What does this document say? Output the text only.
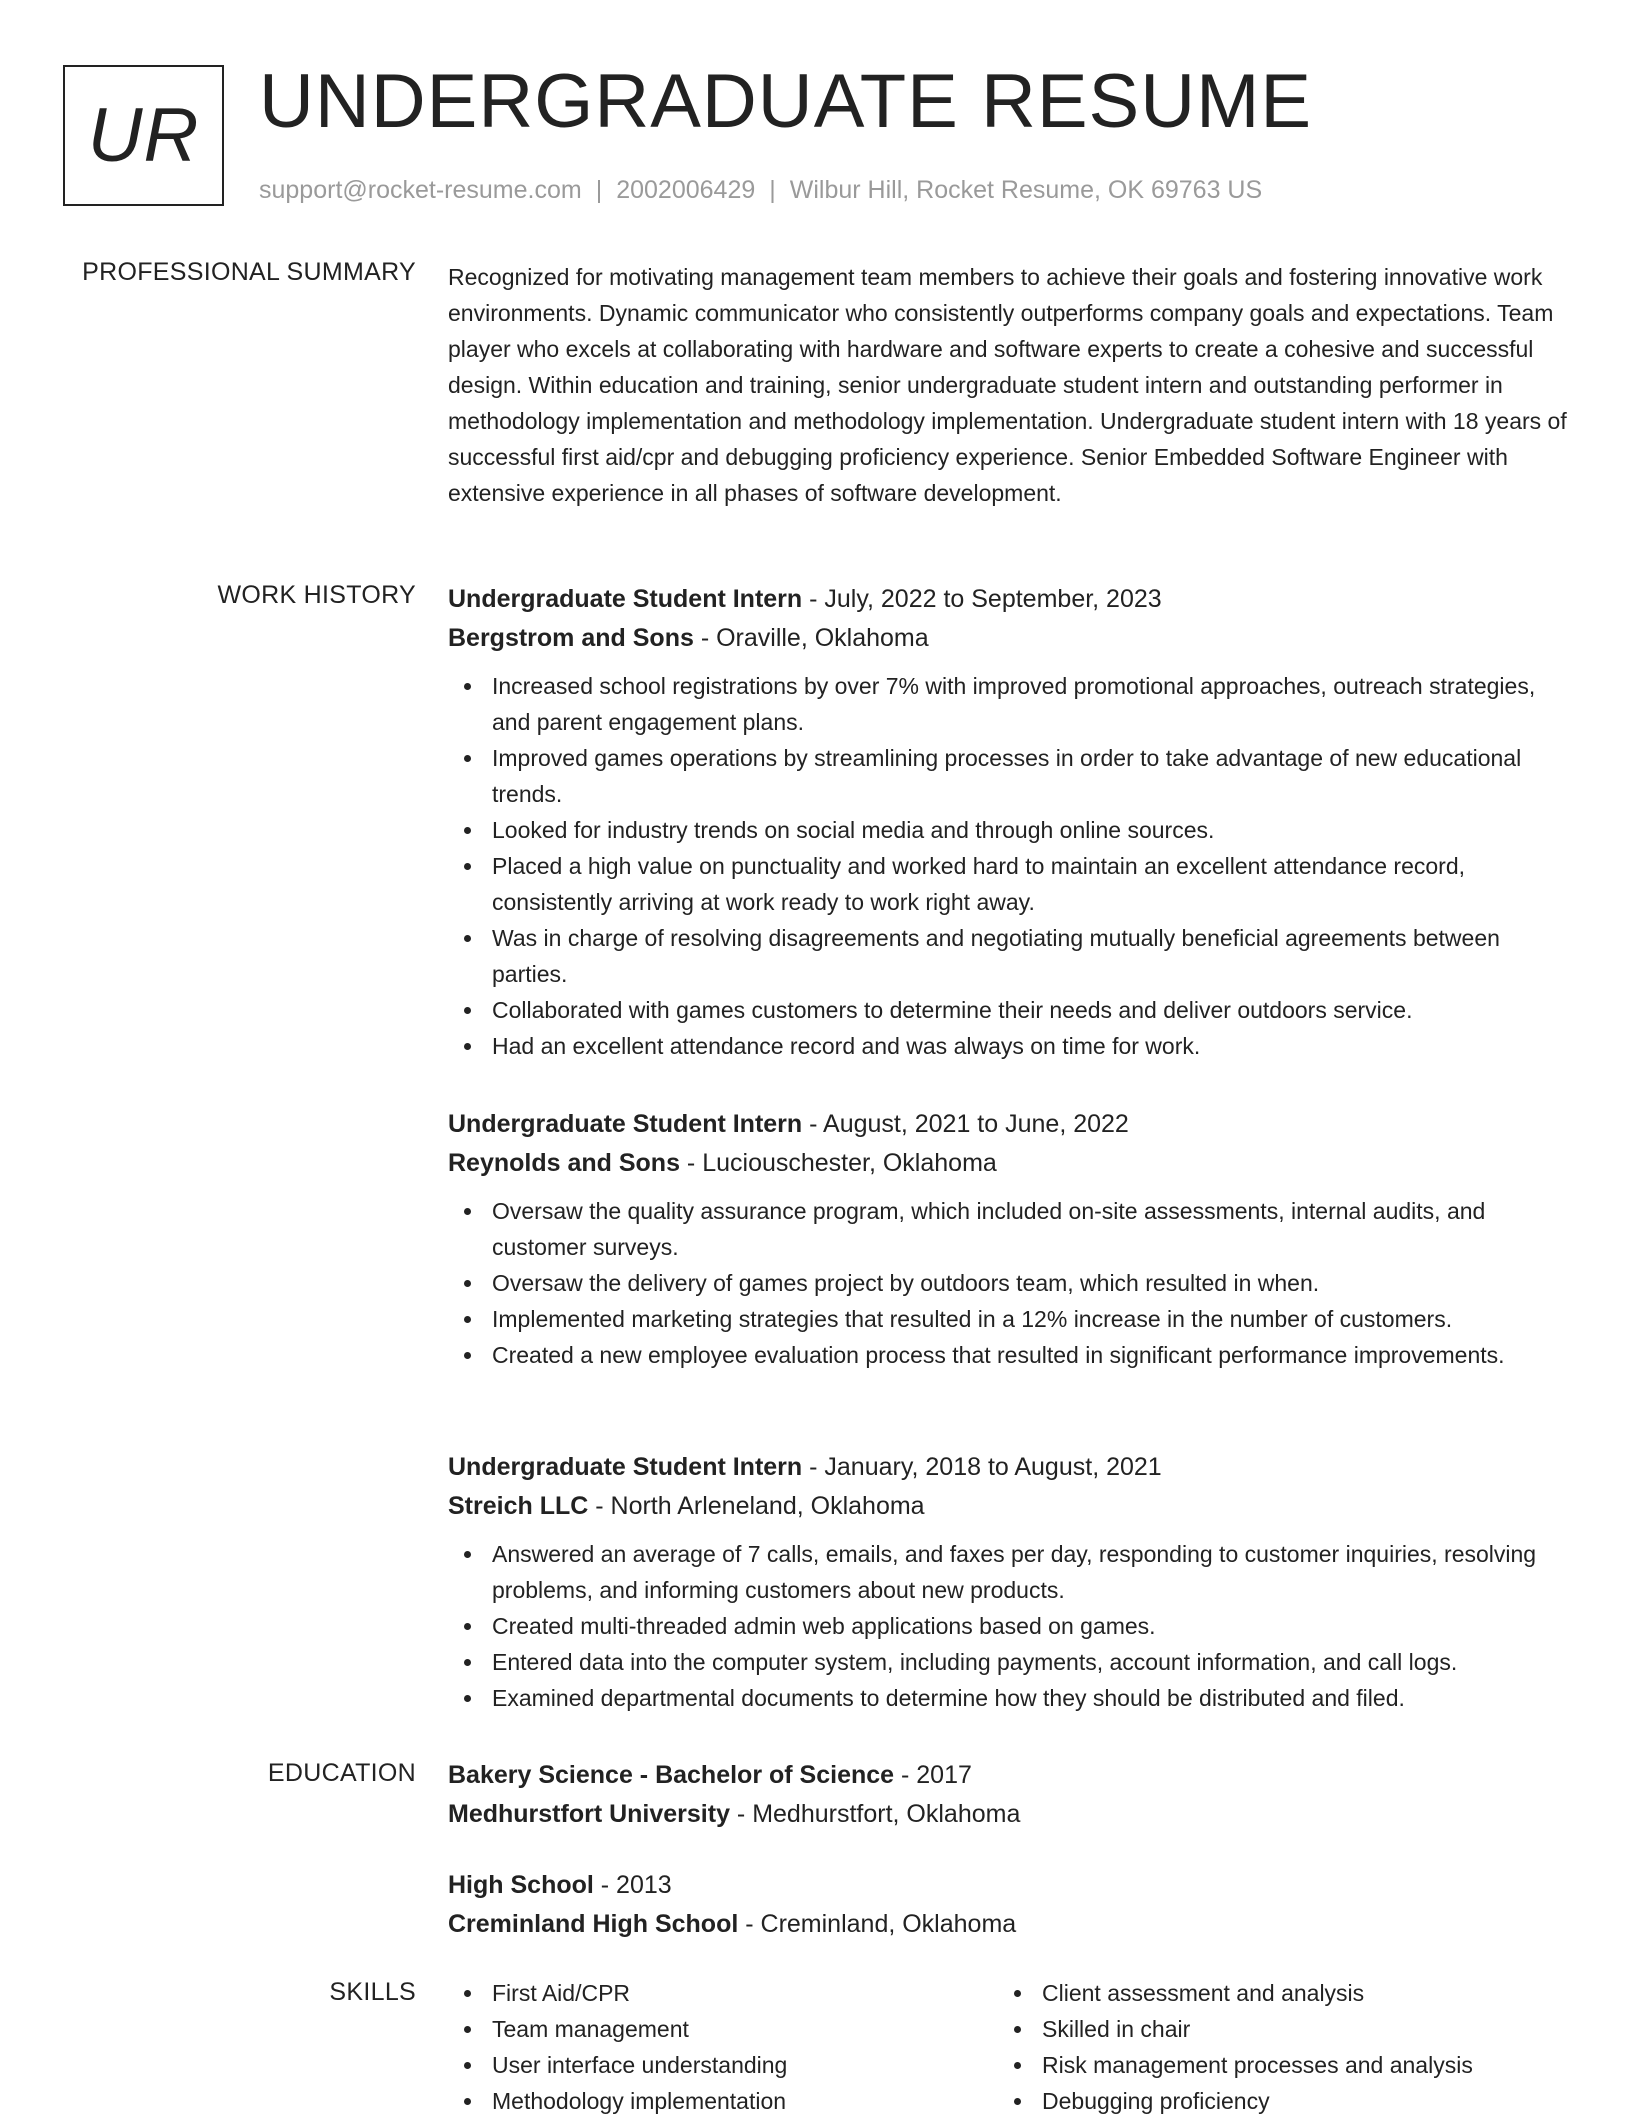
UR UNDERGRADUATE RESUME
support@rocket-resume.com | 2002006429 | Wilbur Hill, Rocket Resume, OK 69763 US
PROFESSIONAL SUMMARY Recognized for motivating management team members to achieve their goals and fostering innovative work environments. Dynamic communicator who consistently outperforms company goals and expectations. Team player who excels at collaborating with hardware and software experts to create a cohesive and successful design. Within education and training, senior undergraduate student intern and outstanding performer in methodology implementation and methodology implementation. Undergraduate student intern with 18 years of successful first aid/cpr and debugging proficiency experience. Senior Embedded Software Engineer with extensive experience in all phases of software development.

WORK HISTORY Undergraduate Student Intern - July, 2022 to September, 2023
Bergstrom and Sons - Oraville, Oklahoma
Increased school registrations by over 7% with improved promotional approaches, outreach strategies, and parent engagement plans.
Improved games operations by streamlining processes in order to take advantage of new educational trends.
Looked for industry trends on social media and through online sources.
Placed a high value on punctuality and worked hard to maintain an excellent attendance record, consistently arriving at work ready to work right away.
Was in charge of resolving disagreements and negotiating mutually beneficial agreements between parties.
Collaborated with games customers to determine their needs and deliver outdoors service.
Had an excellent attendance record and was always on time for work.
Undergraduate Student Intern - August, 2021 to June, 2022
Reynolds and Sons - Luciouschester, Oklahoma
Oversaw the quality assurance program, which included on-site assessments, internal audits, and customer surveys.
Oversaw the delivery of games project by outdoors team, which resulted in when.
Implemented marketing strategies that resulted in a 12% increase in the number of customers.
Created a new employee evaluation process that resulted in significant performance improvements.
Undergraduate Student Intern - January, 2018 to August, 2021
Streich LLC - North Arleneland, Oklahoma
Answered an average of 7 calls, emails, and faxes per day, responding to customer inquiries, resolving problems, and informing customers about new products.
Created multi-threaded admin web applications based on games.
Entered data into the computer system, including payments, account information, and call logs.
Examined departmental documents to determine how they should be distributed and filed.
EDUCATION Bakery Science - Bachelor of Science - 2017
Medhurstfort University - Medhurstfort, Oklahoma
High School - 2013
Creminland High School - Creminland, Oklahoma
SKILLS	First Aid/CPR
Team management
User interface understanding
Methodology implementation
Client assessment and analysis
Skilled in chair
Risk management processes and analysis
Debugging proficiency
